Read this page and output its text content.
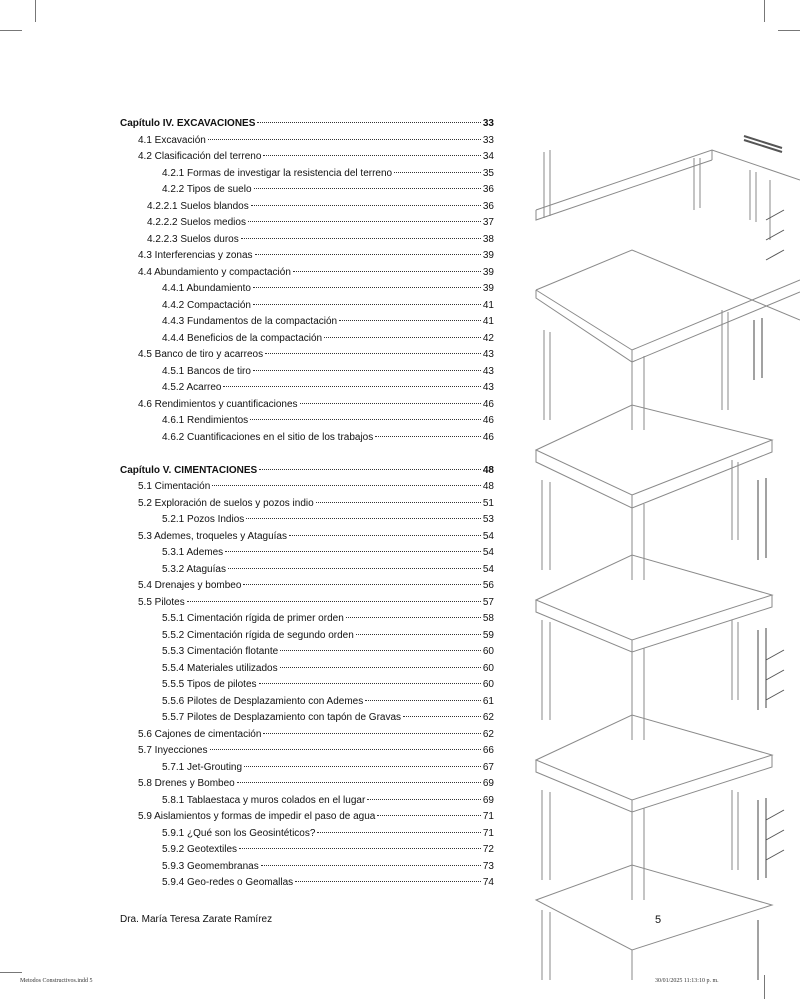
Capítulo IV. EXCAVACIONES	33
4.1 Excavación	33
4.2 Clasificación del terreno	34
4.2.1 Formas de investigar la resistencia del terreno	35
4.2.2 Tipos de suelo	36
4.2.2.1 Suelos blandos	36
4.2.2.2 Suelos medios	37
4.2.2.3 Suelos duros	38
4.3 Interferencias y zonas	39
4.4 Abundamiento y compactación	39
4.4.1 Abundamiento	39
4.4.2 Compactación	41
4.4.3 Fundamentos de la compactación	41
4.4.4 Beneficios de la compactación	42
4.5 Banco de tiro y acarreos	43
4.5.1 Bancos de tiro	43
4.5.2 Acarreo	43
4.6 Rendimientos y cuantificaciones	46
4.6.1 Rendimientos	46
4.6.2 Cuantificaciones en el sitio de los trabajos	46
Capítulo V. CIMENTACIONES	48
5.1 Cimentación	48
5.2 Exploración de suelos y pozos indio	51
5.2.1 Pozos Indios	53
5.3 Ademes, troqueles y Ataguías	54
5.3.1 Ademes	54
5.3.2 Ataguías	54
5.4 Drenajes y bombeo	56
5.5 Pilotes	57
5.5.1 Cimentación rígida de primer orden	58
5.5.2 Cimentación rígida de segundo orden	59
5.5.3 Cimentación flotante	60
5.5.4 Materiales utilizados	60
5.5.5 Tipos de pilotes	60
5.5.6 Pilotes de Desplazamiento con Ademes	61
5.5.7 Pilotes de Desplazamiento con tapón de Gravas	62
5.6 Cajones de cimentación	62
5.7 Inyecciones	66
5.7.1 Jet-Grouting	67
5.8 Drenes y Bombeo	69
5.8.1 Tablaestaca y muros colados en el lugar	69
5.9 Aislamientos y formas de impedir el paso de agua	71
5.9.1 ¿Qué son los Geosintéticos?	71
5.9.2 Geotextiles	72
5.9.3 Geomembranas	73
5.9.4 Geo-redes o Geomallas	74
Dra. María Teresa Zarate Ramírez	5
Metodos Constructivos.indd 5	30/01/2025 11:13:10 p. m.
